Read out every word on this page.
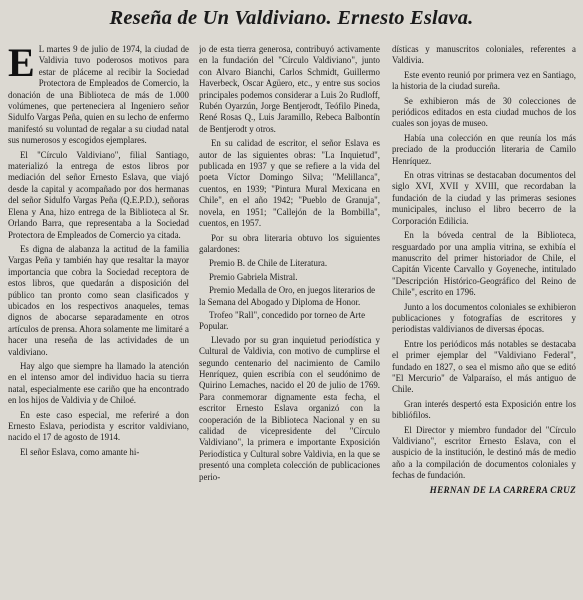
Reseña de Un Valdiviano. Ernesto Eslava.

E L martes 9 de julio de 1974, la ciudad de Valdivia tuvo poderosos motivos para estar de pláceme al recibir la Sociedad Protectora de Empleados de Comercio, la donación de una Biblioteca de más de 1.000 volúmenes, que perteneciera al Ingeniero señor Sidulfo Vargas Peña, quien en su lecho de enfermo manifestó su voluntad de regalar a su ciudad natal sus numerosos y escogidos ejemplares.

El "Círculo Valdiviano", filial Santiago, materializó la entrega de estos libros por mediación del señor Ernesto Eslava, que viajó desde la capital y acompañado por dos hermanas del señor Sidulfo Vargas Peña (Q.E.P.D.), señoras Elena y Ana, hizo entrega de la Biblioteca al Sr. Orlando Barra, que representaba a la Sociedad Protectora de Empleados de Comercio ya citada.

Es digna de alabanza la actitud de la familia Vargas Peña y también hay que resaltar la mayor importancia que cobra la Sociedad receptora de estos libros, que quedarán a disposición del público tan pronto como sean clasificados y ubicados en los respectivos anaqueles, temas dignos de abocarse separadamente en otros artículos de prensa. Ahora solamente me limitaré a hacer una reseña de las actividades de un valdiviano.

Hay algo que siempre ha llamado la atención en el intenso amor del individuo hacia su tierra natal, especialmente ese cariño que ha encontrado en los hijos de Valdivia y de Chiloé.

En este caso especial, me referiré a don Ernesto Eslava, periodista y escritor valdiviano, nacido el 17 de agosto de 1914.

El señor Eslava, como amante hi-

jo de esta tierra generosa, contribuyó activamente en la fundación del "Círculo Valdiviano", junto con Alvaro Bianchi, Carlos Schmidt, Guillermo Haverbeck, Oscar Agüero, etc., y entre sus socios principales podemos considerar a Luis 2o Rudloff, Rubén Oyarzún, Jorge Bentjerodt, Teófilo Pineda, René Rosas Q., Luis Jaramillo, Rebeca Balbontín de Bentjerodt y otros.

En su calidad de escritor, el señor Eslava es autor de las siguientes obras: "La Inquietud", publicada en 1937 y que se refiere a la vida del poeta Víctor Domingo Silva; "Melillanca", cuentos, en 1939; "Pintura Mural Mexicana en Chile", en el año 1942; "Pueblo de Granuja", novela, en 1951; "Callejón de la Bombilla", cuentos, en 1957.

Por su obra literaria obtuvo los siguientes galardones:

Premio B. de Chile de Literatura.

Premio Gabriela Mistral.

Premio Medalla de Oro, en juegos literarios de la Semana del Abogado y Diploma de Honor.

Trofeo "Rall", concedido por torneo de Arte Popular.

Llevado por su gran inquietud periodística y Cultural de Valdivia, con motivo de cumplirse el segundo centenario del nacimiento de Camilo Henríquez, quien escribía con el seudónimo de Quirino Lemaches, nacido el 20 de julio de 1769. Para conmemorar dignamente esta fecha, el escritor Ernesto Eslava organizó con la cooperación de la Biblioteca Nacional y en su calidad de vicepresidente del "Círculo Valdiviano", la primera e importante Exposición Periodística y Cultural sobre Valdivia, en la que se presentó una completa colección de publicaciones perio-

dísticas y manuscritos coloniales, referentes a Valdivia.

Este evento reunió por primera vez en Santiago, la historia de la ciudad sureña.

Se exhibieron más de 30 colecciones de periódicos editados en esta ciudad muchos de los cuales son joyas de museo.

Había una colección en que reunía los más preciado de la producción literaria de Camilo Henríquez.

En otras vitrinas se destacaban documentos del siglo XVI, XVII y XVIII, que recordaban la fundación de la ciudad y las primeras sesiones municipales, incluso el libro becerro de la Corporación Edilicia.

En la bóveda central de la Biblioteca, resguardado por una amplia vitrina, se exhibía el manuscrito del primer historiador de Chile, el Capitán Vicente Carvallo y Goyeneche, intitulado "Descripción Histórico-Geográfico del Reino de Chile", escrito en 1796.

Junto a los documentos coloniales se exhibieron publicaciones y fotografías de escritores y periodistas valdivianos de diversas épocas.

Entre los periódicos más notables se destacaba el primer ejemplar del "Valdiviano Federal", fundado en 1827, o sea el mismo año que se editó "El Mercurio" de Valparaíso, el más antiguo de Chile.

Gran interés despertó esta Exposición entre los bibliófilos.

El Director y miembro fundador del "Círculo Valdiviano", escritor Ernesto Eslava, con el auspicio de la institución, le destinó más de medio año a la compilación de documentos coloniales y fechas de fundación.

HERNAN DE LA CARRERA CRUZ
